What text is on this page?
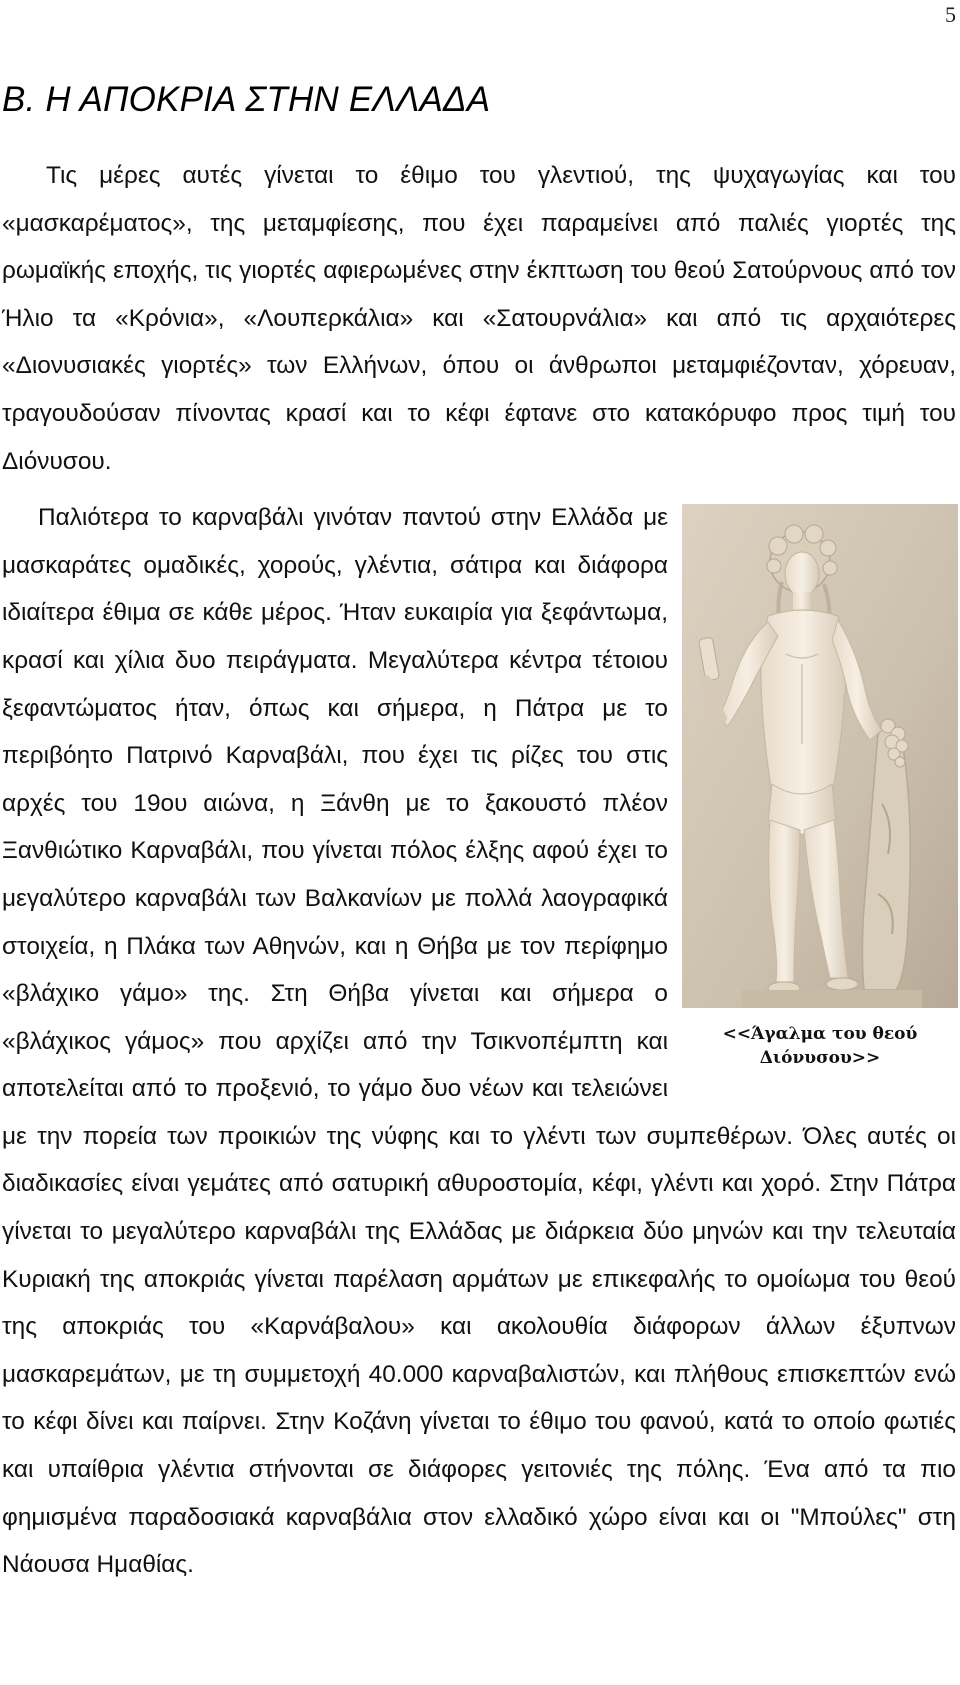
5
Β. Η ΑΠΟΚΡΙΑ ΣΤΗΝ ΕΛΛΑΔΑ

Τις μέρες αυτές γίνεται το έθιμο του γλεντιού, της ψυχαγωγίας και του «μασκαρέματος», της μεταμφίεσης, που έχει παραμείνει από παλιές γιορτές της ρωμαϊκής εποχής, τις γιορτές αφιερωμένες στην έκπτωση του θεού Σατούρνους από τον Ήλιο τα «Κρόνια», «Λουπερκάλια» και «Σατουρνάλια» και από τις αρχαιότερες «Διονυσιακές γιορτές» των Ελλήνων, όπου οι άνθρωποι μεταμφιέζονταν, χόρευαν, τραγουδούσαν πίνοντας κρασί και το κέφι έφτανε στο κατακόρυφο προς τιμή του Διόνυσου.

<<Άγαλμα του θεού Διόνυσου>>
Παλιότερα το καρναβάλι γινόταν παντού στην Ελλάδα με μασκαράτες ομαδικές, χορούς, γλέντια, σάτιρα και διάφορα ιδιαίτερα έθιμα σε κάθε μέρος. Ήταν ευκαιρία για ξεφάντωμα, κρασί και χίλια δυο πειράγματα. Μεγαλύτερα κέντρα τέτοιου ξεφαντώματος ήταν, όπως και σήμερα, η Πάτρα με το περιβόητο Πατρινό Καρναβάλι, που έχει τις ρίζες του στις αρχές του 19ου αιώνα, η Ξάνθη με το ξακουστό πλέον Ξανθιώτικο Καρναβάλι, που γίνεται πόλος έλξης αφού έχει το μεγαλύτερο καρναβάλι των Βαλκανίων με πολλά λαογραφικά στοιχεία, η Πλάκα των Αθηνών, και η Θήβα με τον περίφημο «βλάχικο γάμο» της. Στη Θήβα γίνεται και σήμερα ο «βλάχικος γάμος» που αρχίζει από την Τσικνοπέμπτη και αποτελείται από το προξενιό, το γάμο δυο νέων και τελειώνει με την πορεία των προικιών της νύφης και το γλέντι των συμπεθέρων. Όλες αυτές οι διαδικασίες είναι γεμάτες από σατυρική αθυροστομία, κέφι, γλέντι και χορό. Στην Πάτρα γίνεται το μεγαλύτερο καρναβάλι της Ελλάδας με διάρκεια δύο μηνών και την τελευταία Κυριακή της αποκριάς γίνεται παρέλαση αρμάτων με επικεφαλής το ομοίωμα του θεού της αποκριάς του «Καρνάβαλου» και ακολουθία διάφορων άλλων έξυπνων μασκαρεμάτων, με τη συμμετοχή 40.000 καρναβαλιστών, και πλήθους επισκεπτών ενώ το κέφι δίνει και παίρνει. Στην Κοζάνη γίνεται το έθιμο του φανού, κατά το οποίο φωτιές και υπαίθρια γλέντια στήνονται σε διάφορες γειτονιές της πόλης. Ένα από τα πιο φημισμένα παραδοσιακά καρναβάλια στον ελλαδικό χώρο είναι και οι "Μπούλες" στη Νάουσα Ημαθίας.
